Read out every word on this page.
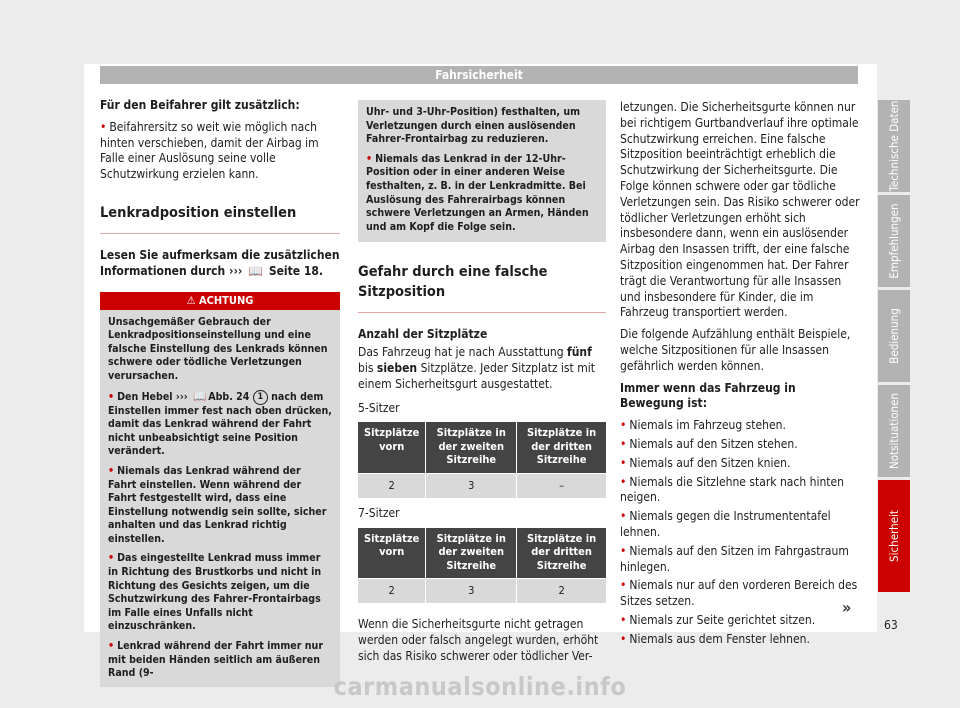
Fahrsicherheit

Für den Beifahrer gilt zusätzlich:

• Beifahrersitz so weit wie möglich nach hinten verschieben, damit der Airbag im Falle einer Auslösung seine volle Schutzwirkung erzielen kann.

Lenkradposition einstellen

Lesen Sie aufmerksam die zusätzlichen Informationen durch ››› 📖 Seite 18.

⚠ ACHTUNG

Unsachgemäßer Gebrauch der Lenkradpositionseinstellung und eine falsche Einstellung des Lenkrads können schwere oder tödliche Verletzungen verursachen.

• Den Hebel ››› 📖 Abb. 24 1 nach dem Einstellen immer fest nach oben drücken, damit das Lenkrad während der Fahrt nicht unbeabsichtigt seine Position verändert.

• Niemals das Lenkrad während der Fahrt einstellen. Wenn während der Fahrt festgestellt wird, dass eine Einstellung notwendig sein sollte, sicher anhalten und das Lenkrad richtig einstellen.

• Das eingestellte Lenkrad muss immer in Richtung des Brustkorbs und nicht in Richtung des Gesichts zeigen, um die Schutzwirkung des Fahrer-Frontairbags im Falle eines Unfalls nicht einzuschränken.

• Lenkrad während der Fahrt immer nur mit beiden Händen seitlich am äußeren Rand (9-

Uhr- und 3-Uhr-Position) festhalten, um Verletzungen durch einen auslösenden Fahrer-Frontairbag zu reduzieren.

• Niemals das Lenkrad in der 12-Uhr-Position oder in einer anderen Weise festhalten, z. B. in der Lenkradmitte. Bei Auslösung des Fahrerairbags können schwere Verletzungen an Armen, Händen und am Kopf die Folge sein.

Gefahr durch eine falsche Sitzposition

Anzahl der Sitzplätze

Das Fahrzeug hat je nach Ausstattung fünf bis sieben Sitzplätze. Jeder Sitzplatz ist mit einem Sicherheitsgurt ausgestattet.

5-Sitzer
Sitzplätze vorn	Sitzplätze in der zweiten Sitzreihe	Sitzplätze in der dritten Sitzreihe
2	3	–
7-Sitzer
Sitzplätze vorn	Sitzplätze in der zweiten Sitzreihe	Sitzplätze in der dritten Sitzreihe
2	3	2

Wenn die Sicherheitsgurte nicht getragen werden oder falsch angelegt wurden, erhöht sich das Risiko schwerer oder tödlicher Ver-

letzungen. Die Sicherheitsgurte können nur bei richtigem Gurtbandverlauf ihre optimale Schutzwirkung erreichen. Eine falsche Sitzposition beeinträchtigt erheblich die Schutzwirkung der Sicherheitsgurte. Die Folge können schwere oder gar tödliche Verletzungen sein. Das Risiko schwerer oder tödlicher Verletzungen erhöht sich insbesondere dann, wenn ein auslösender Airbag den Insassen trifft, der eine falsche Sitzposition eingenommen hat. Der Fahrer trägt die Verantwortung für alle Insassen und insbesondere für Kinder, die im Fahrzeug transportiert werden.

Die folgende Aufzählung enthält Beispiele, welche Sitzpositionen für alle Insassen gefährlich werden können.

Immer wenn das Fahrzeug in Bewegung ist:

• Niemals im Fahrzeug stehen.

• Niemals auf den Sitzen stehen.

• Niemals auf den Sitzen knien.

• Niemals die Sitzlehne stark nach hinten neigen.

• Niemals gegen die Instrumententafel lehnen.

• Niemals auf den Sitzen im Fahrgastraum hinlegen.

• Niemals nur auf den vorderen Bereich des Sitzes setzen.

• Niemals zur Seite gerichtet sitzen.

• Niemals aus dem Fenster lehnen.

»
Technische Daten
Empfehlungen
Bedienung
Notsituationen
Sicherheit
63
carmanualsonline.info
